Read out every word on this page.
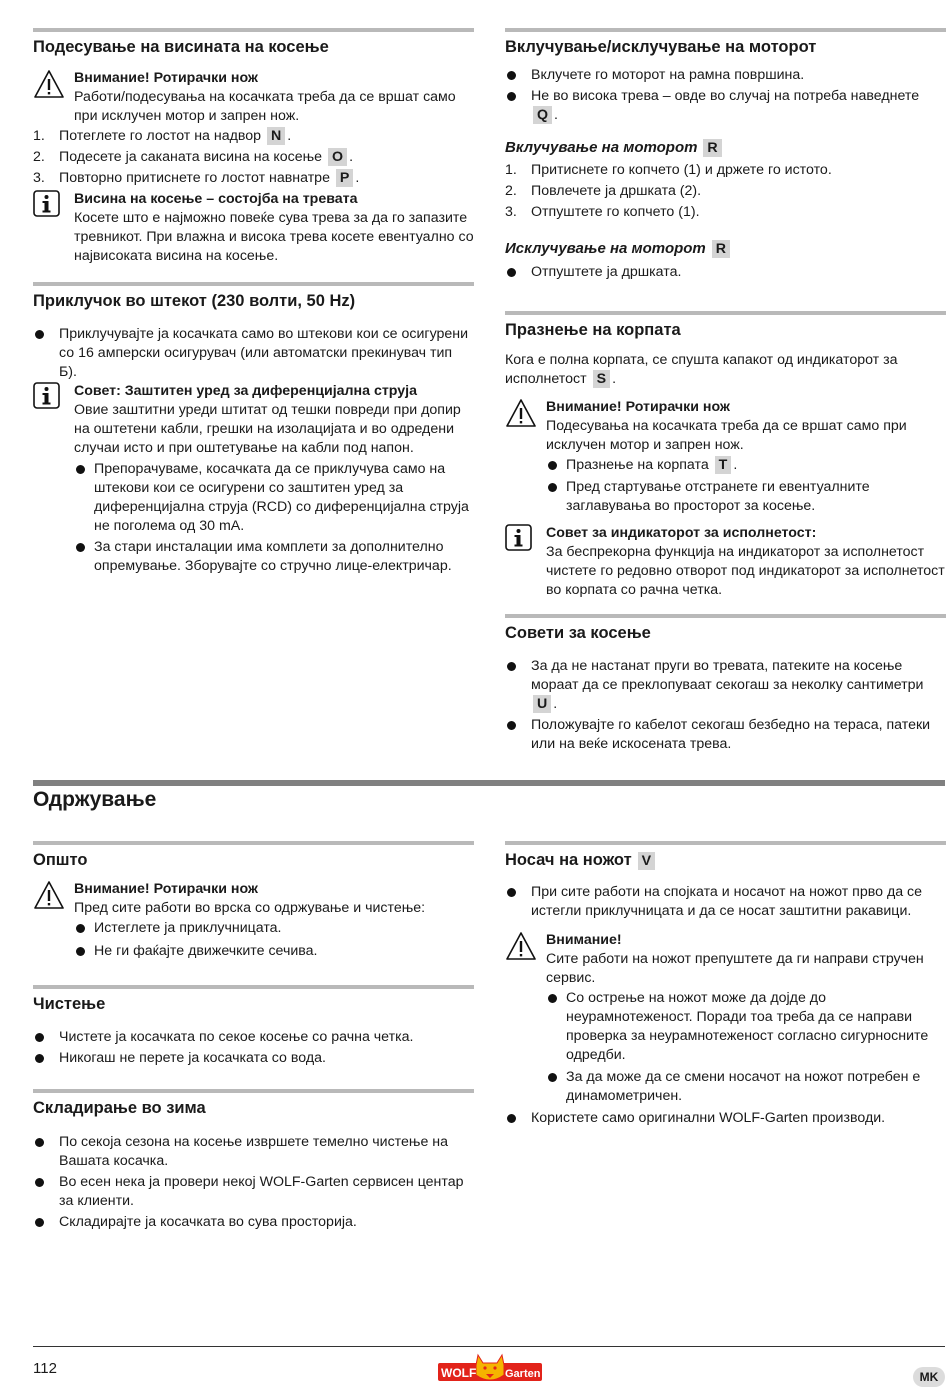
Подесување на висината на косење

Внимание! Ротирачки нож

Работи/подесувања на косачката треба да се вршат само при исклучен мотор и запрен нож.

1. Потеглете го лостот на надвор N .

2. Подесете ја саканата висина на косење O .

3. Повторно притиснете го лостот навнатре P .

Висина на косење – состојба на тревата

Косете што е најможно повеќе сува трева за да го запазите тревникот. При влажна и висока трева косете евентуално со највисоката висина на косење.

Приклучок во штекот (230 волти, 50 Hz)

Приклучувајте ја косачката само во штекови кои се осигурени со 16 амперски осигурувач (или автоматски прекинувач тип Б).

Совет: Заштитен уред за диференцијална струја

Овие заштитни уреди штитат од тешки повреди при допир на оштетени кабли, грешки на изолацијата и во одредени случаи исто и при оштетување на кабли под напон.

Препорачуваме, косачката да се приклучува само на штекови кои се осигурени со заштитен уред за диференцијална струја (RCD) со диференцијална струја не поголема од 30 mA.

За стари инсталации има комплети за дополнително опремување. Зборувајте со стручно лице-електричар.

Вклучување/исклучување на моторот

Вклучете го моторот на рамна површина.

Не во висока трева – овде во случај на потреба наведнете
Q .

Вклучување на моторот R

1. Притиснете го копчето (1) и држете го истото.

2. Повлечете ја дршката (2).

3. Отпуштете го копчето (1).

Исклучување на моторот R

Отпуштете ја дршката.

Празнење на корпата

Кога е полна корпата, се спушта капакот од индикаторот за исполнетост S .

Внимание! Ротирачки нож

Подесувања на косачката треба да се вршат само при исклучен мотор и запрен нож.

Празнење на корпата T .

Пред стартување отстранете ги евентуалните заглавувања во просторот за косење.

Совет за индикаторот за исполнетост:

За беспрекорна функција на индикаторот за исполнетост чистете го редовно отворот под индикаторот за исполнетост во корпата со рачна четка.

Совети за косење

За да не настанат пруги во тревата, патеките на косење мораат да се преклопуваат секогаш за неколку сантиметри U .

Положувајте го кабелот секогаш безбедно на тераса, патеки или на веќе искосената трева.

Одржување
Општо

Внимание! Ротирачки нож

Пред сите работи во врска со одржување и чистење:

Истеглете ја приклучницата.

Не ги фаќајте движечките сечива.

Чистење

Чистете ја косачката по секое косење со рачна четка.

Никогаш не перете ја косачката со вода.

Складирање во зима

По секоја сезона на косење извршете темелно чистење на Вашата косачка.

Во есен нека ја провери некој WOLF-Garten сервисен центар за клиенти.

Складирајте ја косачката во сува просторија.

Носач на ножот V

При сите работи на спојката и носачот на ножот прво да се истегли приклучницата и да се носат заштитни ракавици.

Внимание!

Сите работи на ножот препуштете да ги направи стручен сервис.

Со острење на ножот може да дојде до неурамнотеженост. Поради тоа треба да се направи проверка за неурамнотеженост согласно сигурносните одредби.

За да може да се смени носачот на ножот потребен е динамометричен.

Користете само оригинални WOLF-Garten производи.

112	WOLF	Garten	MK
